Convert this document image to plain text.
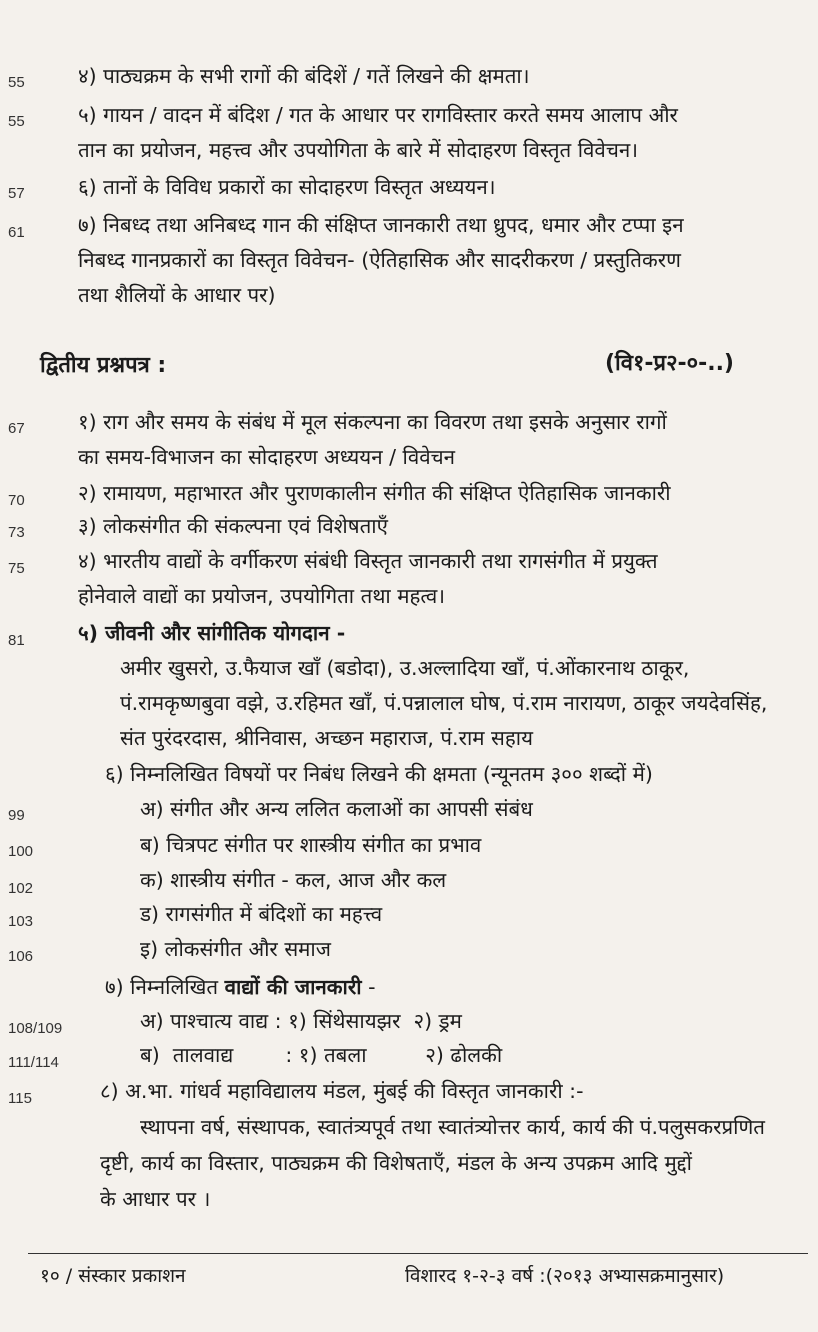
55	४) पाठ्यक्रम के सभी रागों की बंदिशें / गतें लिखने की क्षमता।
55	५) गायन / वादन में बंदिश / गत के आधार पर रागविस्तार करते समय आलाप और
तान का प्रयोजन, महत्त्व और उपयोगिता के बारे में सोदाहरण विस्तृत विवेचन।
57	६) तानों के विविध प्रकारों का सोदाहरण विस्तृत अध्ययन।
61	७) निबध्द तथा अनिबध्द गान की संक्षिप्त जानकारी तथा ध्रुपद, धमार और टप्पा इन
निबध्द गानप्रकारों का विस्तृत विवेचन- (ऐतिहासिक और सादरीकरण / प्रस्तुतिकरण
तथा शैलियों के आधार पर)
द्वितीय प्रश्नपत्र :	(वि१-प्र२-०-..)
67	१) राग और समय के संबंध में मूल संकल्पना का विवरण तथा इसके अनुसार रागों
का समय-विभाजन का सोदाहरण अध्ययन / विवेचन
70	२) रामायण, महाभारत और पुराणकालीन संगीत की संक्षिप्त ऐतिहासिक जानकारी
73	३) लोकसंगीत की संकल्पना एवं विशेषताएँ
75	४) भारतीय वाद्यों के वर्गीकरण संबंधी विस्तृत जानकारी तथा रागसंगीत में प्रयुक्त
होनेवाले वाद्यों का प्रयोजन, उपयोगिता तथा महत्व।
81	५) जीवनी और सांगीतिक योगदान -
अमीर खुसरो, उ.फैयाज खाँ (बडोदा), उ.अल्लादिया खाँ, पं.ओंकारनाथ ठाकूर,
पं.रामकृष्णबुवा वझे, उ.रहिमत खाँ, पं.पन्नालाल घोष, पं.राम नारायण, ठाकूर जयदेवसिंह,
संत पुरंदरदास, श्रीनिवास, अच्छन महाराज, पं.राम सहाय
६) निम्नलिखित विषयों पर निबंध लिखने की क्षमता (न्यूनतम ३०० शब्दों में)
99	अ) संगीत और अन्य ललित कलाओं का आपसी संबंध
100	ब) चित्रपट संगीत पर शास्त्रीय संगीत का प्रभाव
102	क) शास्त्रीय संगीत - कल, आज और कल
103	ड) रागसंगीत में बंदिशों का महत्त्व
106	इ) लोकसंगीत और समाज
७) निम्नलिखित वाद्यों की जानकारी -
108/109	अ) पाश्चात्य वाद्य : १) सिंथेसायझर  २) ड्रम
111/114	ब)  तालवाद्य        : १) तबला         २) ढोलकी
115	८) अ.भा. गांधर्व महाविद्यालय मंडल, मुंबई की विस्तृत जानकारी :-
स्थापना वर्ष, संस्थापक, स्वातंत्र्यपूर्व तथा स्वातंत्र्योत्तर कार्य, कार्य की पं.पलुसकरप्रणित
दृष्टी, कार्य का विस्तार, पाठ्यक्रम की विशेषताएँ, मंडल के अन्य उपक्रम आदि मुद्दों
के आधार पर ।
१० / संस्कार प्रकाशन	विशारद १-२-३ वर्ष :(२०१३ अभ्यासक्रमानुसार)
